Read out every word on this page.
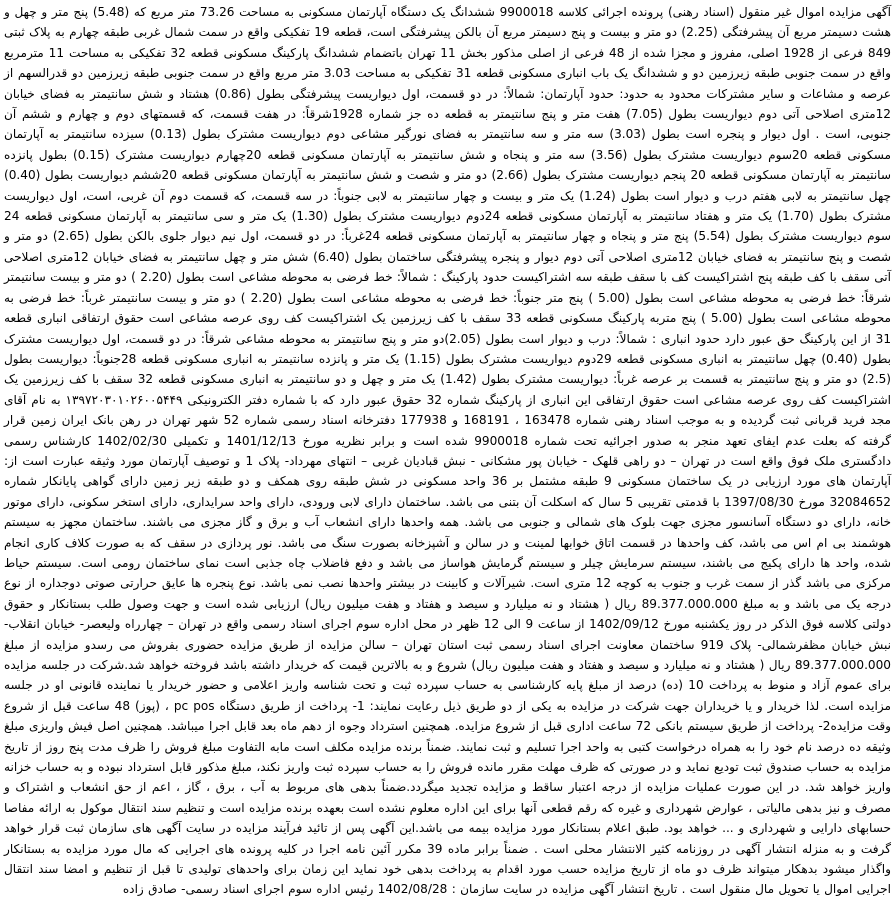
آگهی مزایده اموال غیر منقول (اسناد رهنی) پرونده اجرائی کلاسه 9900018 ششدانگ یک دستگاه آپارتمان مسکونی به مساحت 73.26 متر مربع که (5.48) پنج متر و چهل و هشت دسیمتر مربع آن پیشرفتگی (2.25) دو متر و بیست و پنج دسیمتر مربع آن بالکن پیشرفتگی است، قطعه 19 تفکیکی واقع در سمت شمال غربی طبقه چهارم به پلاک ثبتی 849 فرعی از 1928 اصلی، مفروز و مجزا شده از 48 فرعی از اصلی مذکور بخش 11 تهران باتضمام ششدانگ پارکینگ مسکونی قطعه 32 تفکیکی به مساحت 11 مترمربع واقع در سمت جنوبی طبقه زیرزمین دو و ششدانگ یک باب انباری مسکونی قطعه 31 تفکیکی به مساحت 3.03 متر مربع واقع در سمت جنوبی طبقه زیرزمین دو قدرالسهم از عرصه و مشاعات و سایر مشترکات محدود به حدود: حدود آپارتمان: شمالاً: در دو قسمت، اول دیواریست پیشرفتگی بطول (0.86) هشتاد و شش سانتیمتر به فضای خیابان 12متری اصلاحی آتی دوم دیواریست بطول (7.05) هفت متر و پنج سانتیمتر به قطعه ده جز شماره 1928شرقاً: در هفت قسمت، که قسمتهای دوم و چهارم و ششم آن جنوبی، است . اول دیوار و پنجره است بطول (3.03) سه متر و سه سانتیمتر به فضای نورگیر مشاعی دوم دیواریست مشترک بطول (0.13) سیزده سانتیمتر به آپارتمان مسکونی قطعه 20سوم دیواریست مشترک بطول (3.56) سه متر و پنجاه و شش سانتیمتر به آپارتمان مسکونی قطعه 20چهارم دیواریست مشترک (0.15) بطول پانزده سانتیمتر به آپارتمان مسکونی قطعه 20 پنجم دیواریست مشترک بطول (2.66) دو متر و شصت و شش سانتیمتر به آپارتمان مسکونی قطعه 20ششم دیواریست بطول (0.40) چهل سانتیمتر به لابی هفتم درب و دیوار است بطول (1.24) یک متر و بیست و چهار سانتیمتر به لابی جنوباً: در سه قسمت، که قسمت دوم آن غربی، است، اول دیواریست مشترک بطول (1.70) یک متر و هفتاد سانتیمتر به آپارتمان مسکونی قطعه 24دوم دیواریست مشترک بطول (1.30) یک متر و سی سانتیمتر به آپارتمان مسکونی قطعه 24 سوم دیواریست مشترک بطول (5.54) پنج متر و پنجاه و چهار سانتیمتر به آپارتمان مسکونی قطعه 24غرباً: در دو قسمت، اول نیم دیوار جلوی بالکن بطول (2.65) دو متر و شصت و پنج سانتیمتر به فضای خیابان 12متری اصلاحی آتی دوم دیوار و پنجره پیشرفتگی ساختمان بطول (6.40) شش متر و چهل سانتیمتر به فضای خیابان 12متری اصلاحی آتی سقف با کف طبقه پنج اشتراکیست کف با سقف طبقه سه اشتراکیست حدود پارکینگ : شمالاً: خط فرضی به محوطه مشاعی است بطول (2.20 ) دو متر و بیست سانتیمتر شرقاً: خط فرضی به محوطه مشاعی است بطول (5.00 ) پنج متر جنوباً: خط فرضی به محوطه مشاعی است بطول (2.20 ) دو متر و بیست سانتیمتر غرباً: خط فرضی به محوطه مشاعی است بطول (5.00 ) پنج متربه پارکینگ مسکونی قطعه 33 سقف با کف زیرزمین یک اشتراکیست کف روی عرصه مشاعی است حقوق ارتفاقی انباری قطعه 31 از این پارکینگ حق عبور دارد حدود انباری : شمالاً: درب و دیوار است بطول (2.05)دو متر و پنج سانتیمتر به محوطه مشاعی شرقاً: در دو قسمت، اول دیواریست مشترک بطول (0.40) چهل سانتیمتر به انباری مسکونی قطعه 29دوم دیواریست مشترک بطول (1.15) یک متر و پانزده سانتیمتر به انباری مسکونی قطعه 28جنوباً: دیواریست بطول (2.5) دو متر و پنج سانتیمتر به قسمت بر عرصه غرباً: دیواریست مشترک بطول (1.42) یک متر و چهل و دو سانتیمتر به انباری مسکونی قطعه 32 سقف با کف زیرزمین یک اشتراکیست کف روی عرصه مشاعی است حقوق ارتفاقی این انباری از پارکینگ شماره 32 حقوق عبور دارد که با شماره دفتر الکترونیکی ۱۳۹۷۲۰۳۰۱۰۲۶۰۰۵۴۴۹ به نام آقای مجد فرید قربانی ثبت گردیده و به موجب اسناد رهنی شماره 163478 ، 168191 و 177938 دفترخانه اسناد رسمی شماره 52 شهر تهران در رهن بانک ایران زمین قرار گرفته که بعلت عدم ایفای تعهد منجر به صدور اجرائیه تحت شماره 9900018 شده است و برابر نظریه مورخ 1401/12/13 و تکمیلی 1402/02/30 کارشناس رسمی دادگستری ملک فوق واقع است در تهران – دو راهی قلهک - خیابان پور مشکانی - نبش قبادیان غربی – انتهای مهرداد- پلاک 1 و توصیف آپارتمان مورد وثیقه عبارت است از: آپارتمان های مورد ارزیابی در یک ساختمان مسکونی 9 طبقه مشتمل بر 36 واحد مسکونی در شش طبقه روی همکف و دو طبقه زیر زمین دارای گواهی پایانکار شماره 32084652 مورخ 1397/08/30 با قدمتی تقریبی 5 سال که اسکلت آن بتنی می باشد. ساختمان دارای لابی ورودی، دارای واحد سرایداری، دارای استخر سکونی، دارای موتور خانه، دارای دو دستگاه آسانسور مجزی جهت بلوک های شمالی و جنوبی می باشد. همه واحدها دارای انشعاب آب و برق و گاز مجزی می باشند. ساختمان مجهز به سیستم هوشمند بی ام اس می باشد، کف واحدها در قسمت اتاق خوابها لمینت و در سالن و آشپزخانه بصورت سنگ می باشد. نور پردازی در سقف که به صورت کلاف کاری انجام شده، واحد ها دارای پکیج می باشند، سیستم سرمایش چیلر و سیستم گرمایش هواساز می باشد و دفع فاضلاب چاه جذبی است نمای ساختمان رومی است. سیستم حیاط مرکزی می باشد گذر از سمت غرب و جنوب به کوچه 12 متری است. شیرآلات و کابینت در بیشتر واحدها نصب نمی باشد. نوع پنجره ها عایق حرارتی صوتی دوجداره از نوع درجه یک می باشد و به مبلغ 89.377.000.000 ریال ( هشتاد و نه میلیارد و سیصد و هفتاد و هفت میلیون ریال) ارزیابی شده است و جهت وصول طلب بستانکار و حقوق دولتی کلاسه فوق الذکر در روز یکشنبه مورخ 1402/09/12 از ساعت 9 الی 12 ظهر در محل اداره سوم اجرای اسناد رسمی واقع در تهران – چهارراه ولیعصر- خیابان انقلاب- نبش خیابان مظفرشمالی- پلاک 919 ساختمان معاونت اجرای اسناد رسمی ثبت استان تهران – سالن مزایده از طریق مزایده حضوری بفروش می رسدو مزایده از مبلغ 89.377.000.000 ریال ( هشتاد و نه میلیارد و سیصد و هفتاد و هفت میلیون ریال) شروع و به بالاترین قیمت که خریدار داشته باشد فروخته خواهد شد.شرکت در جلسه مزایده برای عموم آزاد و منوط به پرداخت 10 (ده) درصد از مبلغ پایه کارشناسی به حساب سپرده ثبت و تحت شناسه واریز اعلامی و حضور خریدار یا نماینده قانونی او در جلسه مزایده است. لذا خریدار و یا خریداران جهت شرکت در مزایده به یکی از دو طریق ذیل رعایت نمایند: 1- پرداخت از طریق دستگاه pc pos ، (پوز) 48 ساعت قبل از شروع وقت مزایده2- پرداخت از طریق سیستم بانکی 72 ساعت اداری قبل از شروع مزایده. همچنین استرداد وجوه از دهم ماه بعد قابل اجرا میباشد. همچنین اصل فیش واریزی مبلغ وثیقه ده درصد نام خود را به همراه درخواست کتبی به واحد اجرا تسلیم و ثبت نمایند. ضمناً برنده مزایده مکلف است مابه التفاوت مبلغ فروش را ظرف مدت پنج روز از تاریخ مزایده به حساب صندوق ثبت تودیع نماید و در صورتی که ظرف مهلت مقرر مانده فروش را به حساب سپرده ثبت واریز نکند، مبلغ مذکور قابل استرداد نبوده و به حساب خزانه واریز خواهد شد. در این صورت عملیات مزایده از درجه اعتبار ساقط و مزایده تجدید میگردد.ضمناً بدهی های مربوط به آب ، برق ، گاز ، اعم از حق انشعاب و اشتراک و مصرف و نیز بدهی مالیاتی ، عوارض شهرداری و غیره که رقم قطعی آنها برای این اداره معلوم نشده است بعهده برنده مزایده است و تنظیم سند انتقال موکول به ارائه مفاصا حسابهای دارایی و شهرداری و ... خواهد بود. طبق اعلام بستانکار مورد مزایده بیمه می باشد.این آگهی پس از تائید فرآیند مزایده در سایت آگهی های سازمان ثبت قرار خواهد گرفت و به منزله انتشار آگهی در روزنامه کثیر الانتشار محلی است . ضمناً برابر ماده 39 مکرر آئین نامه اجرا در کلیه پرونده های اجرایی که مال مورد مزایده به بستانکار واگذار میشود بدهکار میتواند ظرف دو ماه از تاریخ مزایده حسب مورد اقدام به پرداخت بدهی خود نماید این زمان برای واحدهای تولیدی تا قبل از تنظیم و امضا سند انتقال اجرایی اموال یا تحویل مال منقول است . تاریخ انتشار آگهی مزایده در سایت سازمان : 1402/08/28 رئیس اداره سوم اجرای اسناد رسمی- صادق زاده
